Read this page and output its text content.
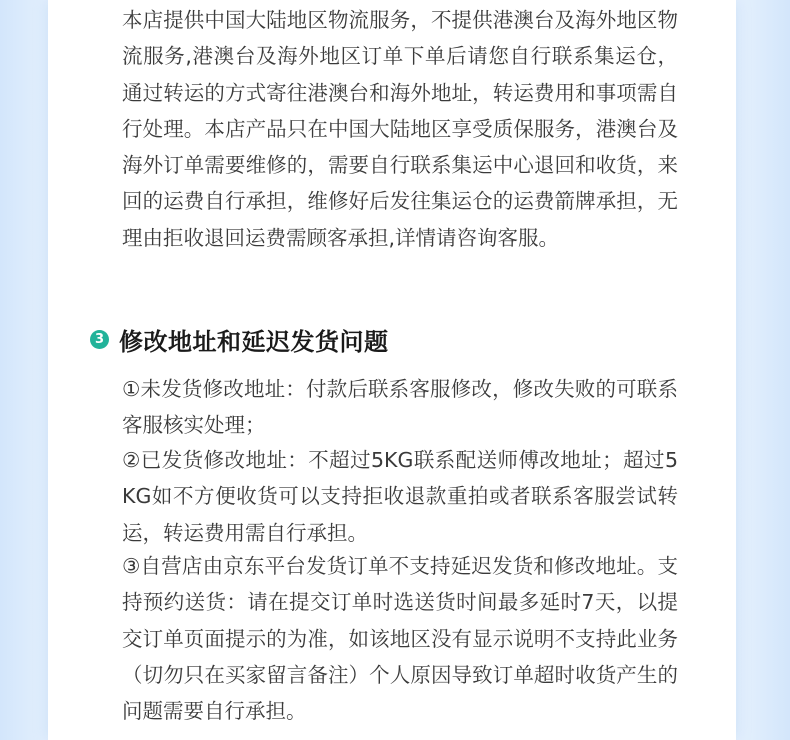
本店提供中国大陆地区物流服务，不提供港澳台及海外地区物流服务,港澳台及海外地区订单下单后请您自行联系集运仓，通过转运的方式寄往港澳台和海外地址，转运费用和事项需自行处理。本店产品只在中国大陆地区享受质保服务，港澳台及海外订单需要维修的，需要自行联系集运中心退回和收货，来回的运费自行承担，维修好后发往集运仓的运费箭牌承担，无理由拒收退回运费需顾客承担,详情请咨询客服。

3 修改地址和延迟发货问题

①未发货修改地址：付款后联系客服修改，修改失败的可联系客服核实处理；

②已发货修改地址：不超过5KG联系配送师傅改地址；超过5KG如不方便收货可以支持拒收退款重拍或者联系客服尝试转运，转运费用需自行承担。

③自营店由京东平台发货订单不支持延迟发货和修改地址。支持预约送货：请在提交订单时选送货时间最多延时7天，以提交订单页面提示的为准，如该地区没有显示说明不支持此业务（切勿只在买家留言备注）个人原因导致订单超时收货产生的问题需要自行承担。
